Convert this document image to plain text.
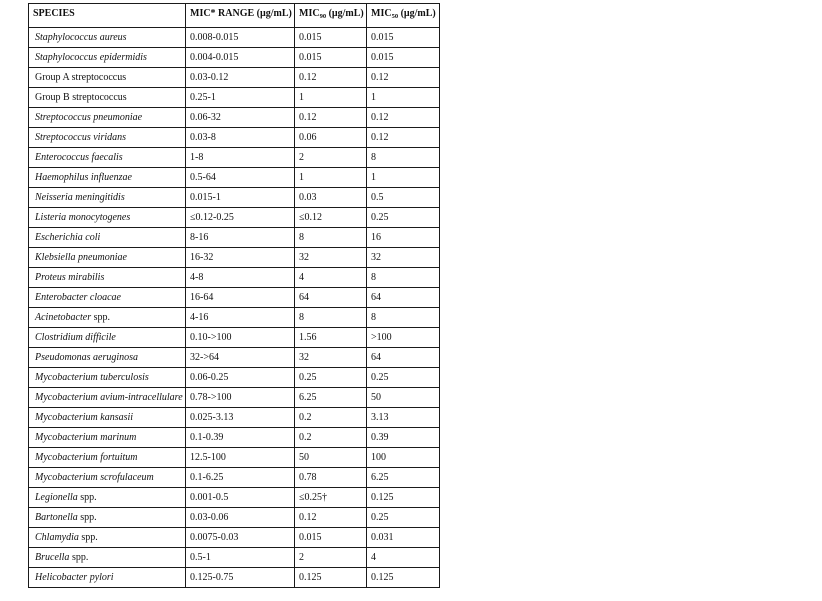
SPECIES	MIC* RANGE (µg/mL)	$MIC_{90}$ (µg/mL)	$MIC_{50}$ (µg/mL)
Staphylococcus aureus	0.008-0.015	0.015	0.015
Staphylococcus epidermidis	0.004-0.015	0.015	0.015
Group A streptococcus	0.03-0.12	0.12	0.12
Group B streptococcus	0.25-1	1	1
Streptococcus pneumoniae	0.06-32	0.12	0.12
Streptococcus viridans	0.03-8	0.06	0.12
Enterococcus faecalis	1-8	2	8
Haemophilus influenzae	0.5-64	1	1
Neisseria meningitidis	0.015-1	0.03	0.5
Listeria monocytogenes	≤0.12-0.25	≤0.12	0.25
Escherichia coli	8-16	8	16
Klebsiella pneumoniae	16-32	32	32
Proteus mirabilis	4-8	4	8
Enterobacter cloacae	16-64	64	64
Acinetobacter spp.	4-16	8	8
Clostridium difficile	0.10->100	1.56	>100
Pseudomonas aeruginosa	32->64	32	64
Mycobacterium tuberculosis	0.06-0.25	0.25	0.25
Mycobacterium avium-intracellulare	0.78->100	6.25	50
Mycobacterium kansasii	0.025-3.13	0.2	3.13
Mycobacterium marinum	0.1-0.39	0.2	0.39
Mycobacterium fortuitum	12.5-100	50	100
Mycobacterium scrofulaceum	0.1-6.25	0.78	6.25
Legionella spp.	0.001-0.5	≤0.25†	0.125
Bartonella spp.	0.03-0.06	0.12	0.25
Chlamydia spp.	0.0075-0.03	0.015	0.031
Brucella spp.	0.5-1	2	4
Helicobacter pylori	0.125-0.75	0.125	0.125
